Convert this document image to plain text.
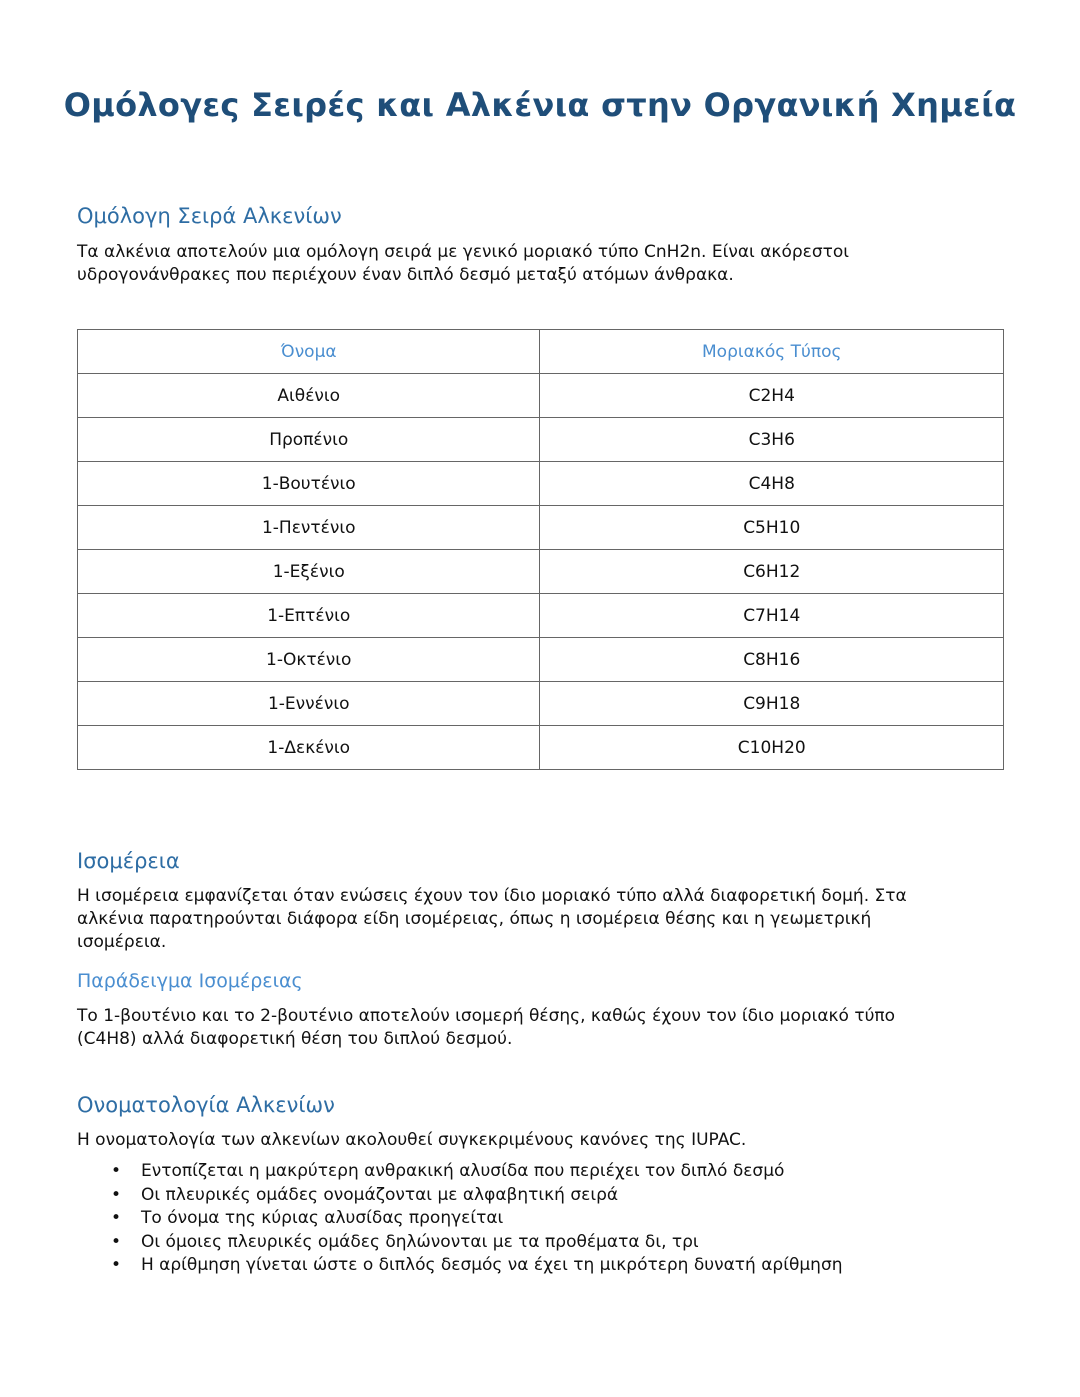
Ομόλογες Σειρές και Αλκένια στην Οργανική Χημεία
Ομόλογη Σειρά Αλκενίων
Τα αλκένια αποτελούν μια ομόλογη σειρά με γενικό μοριακό τύπο CnH2n. Είναι ακόρεστοι
υδρογονάνθρακες που περιέχουν έναν διπλό δεσμό μεταξύ ατόμων άνθρακα.
Όνομα	Μοριακός Τύπος
Αιθένιο	C2H4
Προπένιο	C3H6
1-Βουτένιο	C4H8
1-Πεντένιο	C5H10
1-Εξένιο	C6H12
1-Επτένιο	C7H14
1-Οκτένιο	C8H16
1-Εννένιο	C9H18
1-Δεκένιο	C10H20
Ισομέρεια
Η ισομέρεια εμφανίζεται όταν ενώσεις έχουν τον ίδιο μοριακό τύπο αλλά διαφορετική δομή. Στα
αλκένια παρατηρούνται διάφορα είδη ισομέρειας, όπως η ισομέρεια θέσης και η γεωμετρική
ισομέρεια.
Παράδειγμα Ισομέρειας
Το 1-βουτένιο και το 2-βουτένιο αποτελούν ισομερή θέσης, καθώς έχουν τον ίδιο μοριακό τύπο
(C4H8) αλλά διαφορετική θέση του διπλού δεσμού.
Ονοματολογία Αλκενίων
Η ονοματολογία των αλκενίων ακολουθεί συγκεκριμένους κανόνες της IUPAC.
• Εντοπίζεται η μακρύτερη ανθρακική αλυσίδα που περιέχει τον διπλό δεσμό
• Οι πλευρικές ομάδες ονομάζονται με αλφαβητική σειρά
• Το όνομα της κύριας αλυσίδας προηγείται
• Οι όμοιες πλευρικές ομάδες δηλώνονται με τα προθέματα δι, τρι
• Η αρίθμηση γίνεται ώστε ο διπλός δεσμός να έχει τη μικρότερη δυνατή αρίθμηση
